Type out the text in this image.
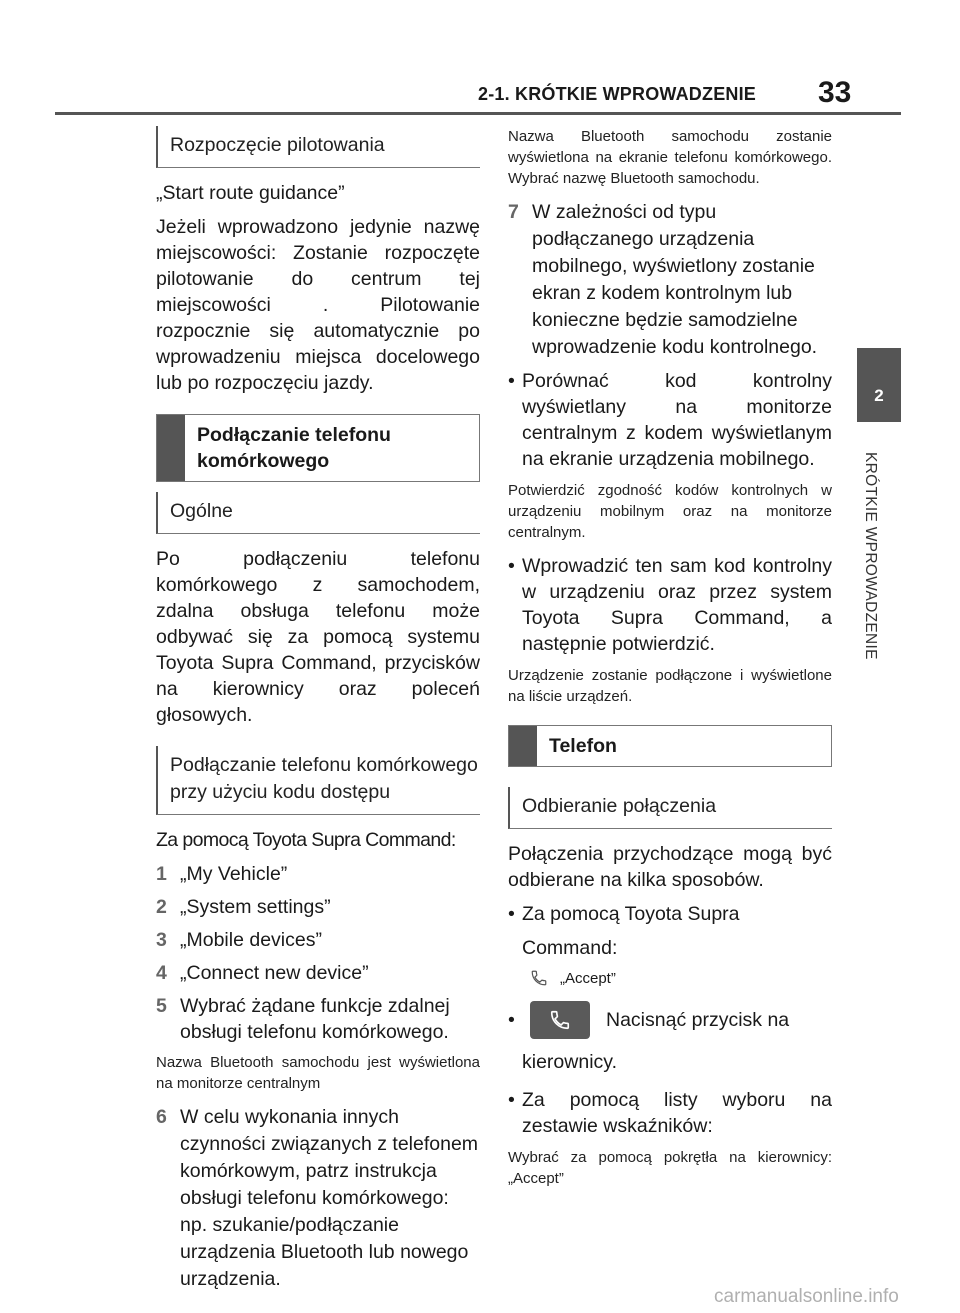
2-1. KRÓTKIE WPROWADZENIE 33
2
KRÓTKIE WPROWADZENIE
Rozpoczęcie pilotowania
„Start route guidance”
Jeżeli wprowadzono jedynie nazwę miejscowości: Zostanie rozpoczęte pilotowanie do centrum tej miejscowości . Pilotowanie rozpocznie się automatycznie po wprowadzeniu miejsca docelowego lub po rozpoczęciu jazdy.
Podłączanie telefonu komórkowego
Ogólne
Po podłączeniu telefonu komórkowego z samochodem, zdalna obsługa telefonu może odbywać się za pomocą systemu Toyota Supra Command, przycisków na kierownicy oraz poleceń głosowych.
Podłączanie telefonu komórkowego przy użyciu kodu dostępu
Za pomocą Toyota Supra Command:
1 „My Vehicle”
2 „System settings”
3 „Mobile devices”
4 „Connect new device”
5 Wybrać żądane funkcje zdalnej obsługi telefonu komórkowego.
Nazwa Bluetooth samochodu jest wyświetlona na monitorze centralnym
6 W celu wykonania innych czynności związanych z telefonem komórkowym, patrz instrukcja obsługi telefonu komórkowego: np. szukanie/podłączanie urządzenia Bluetooth lub nowego urządzenia.
Nazwa Bluetooth samochodu zostanie wyświetlona na ekranie telefonu komórkowego. Wybrać nazwę Bluetooth samochodu.
7 W zależności od typu podłączanego urządzenia mobilnego, wyświetlony zostanie ekran z kodem kontrolnym lub konieczne będzie samodzielne wprowadzenie kodu kontrolnego.
• Porównać kod kontrolny wyświetlany na monitorze centralnym z kodem wyświetlanym na ekranie urządzenia mobilnego.
Potwierdzić zgodność kodów kontrolnych w urządzeniu mobilnym oraz na monitorze centralnym.
• Wprowadzić ten sam kod kontrolny w urządzeniu oraz przez system Toyota Supra Command, a następnie potwierdzić.
Urządzenie zostanie podłączone i wyświetlone na liście urządzeń.
Telefon
Odbieranie połączenia
Połączenia przychodzące mogą być odbierane na kilka sposobów.
• Za pomocą Toyota Supra
Command:
„Accept”
•	Nacisnąć przycisk na
kierownicy.
• Za pomocą listy wyboru na zestawie wskaźników:
Wybrać za pomocą pokrętła na kierownicy: „Accept”
carmanualsonline.info
